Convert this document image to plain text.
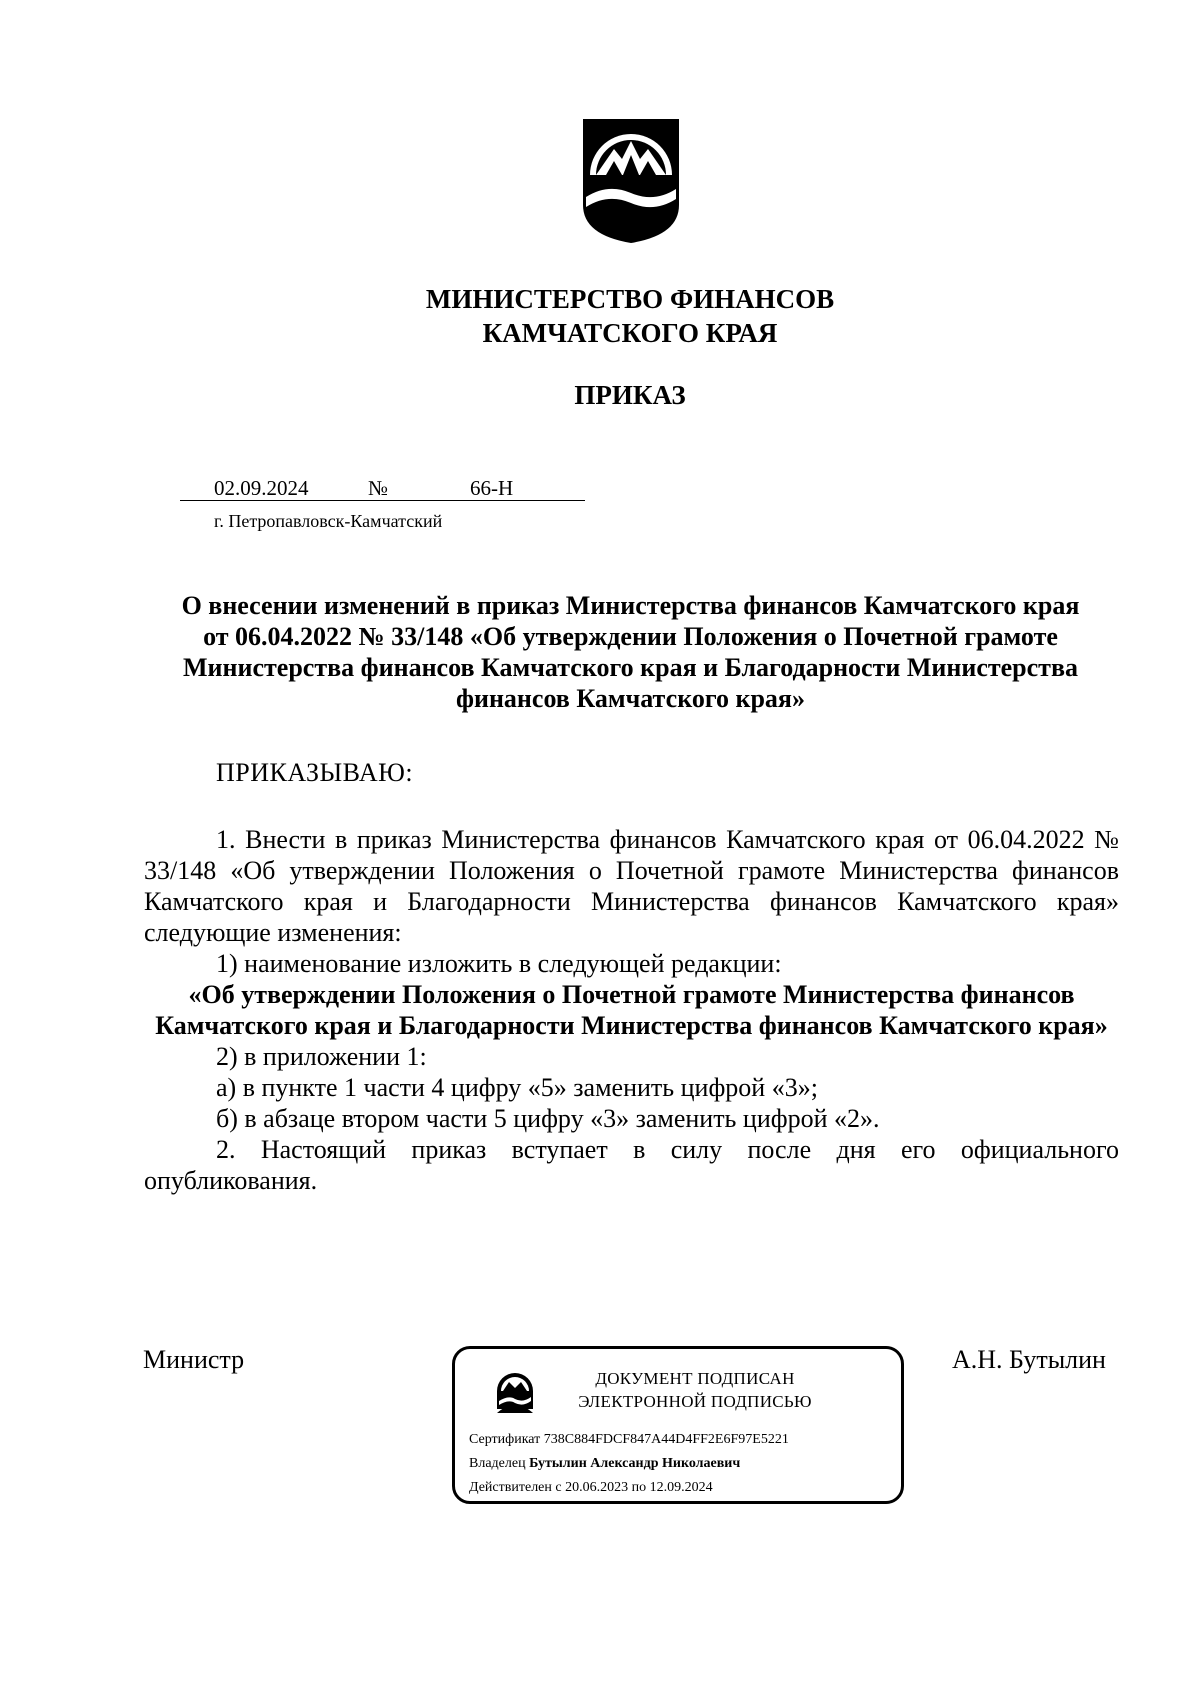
МИНИСТЕРСТВО ФИНАНСОВ
КАМЧАТСКОГО КРАЯ
ПРИКАЗ
02.09.2024	№	66-Н
г. Петропавловск-Камчатский
О внесении изменений в приказ Министерства финансов Камчатского края от 06.04.2022 № 33/148 «Об утверждении Положения о Почетной грамоте Министерства финансов Камчатского края и Благодарности Министерства финансов Камчатского края»
ПРИКАЗЫВАЮ:

1. Внести в приказ Министерства финансов Камчатского края от 06.04.2022 № 33/148 «Об утверждении Положения о Почетной грамоте Министерства финансов Камчатского края и Благодарности Министерства финансов Камчатского края» следующие изменения:

1) наименование изложить в следующей редакции:

«Об утверждении Положения о Почетной грамоте Министерства финансов Камчатского края и Благодарности Министерства финансов Камчатского края»

2) в приложении 1:

а) в пункте 1 части 4 цифру «5» заменить цифрой «3»;

б) в абзаце втором части 5 цифру «3» заменить цифрой «2».

2. Настоящий приказ вступает в силу после дня его официального опубликования.

Министр	А.Н. Бутылин
ДОКУМЕНТ ПОДПИСАН
ЭЛЕКТРОННОЙ ПОДПИСЬЮ
Сертификат 738C884FDCF847A44D4FF2E6F97E5221
Владелец Бутылин Александр Николаевич
Действителен с 20.06.2023 по 12.09.2024
